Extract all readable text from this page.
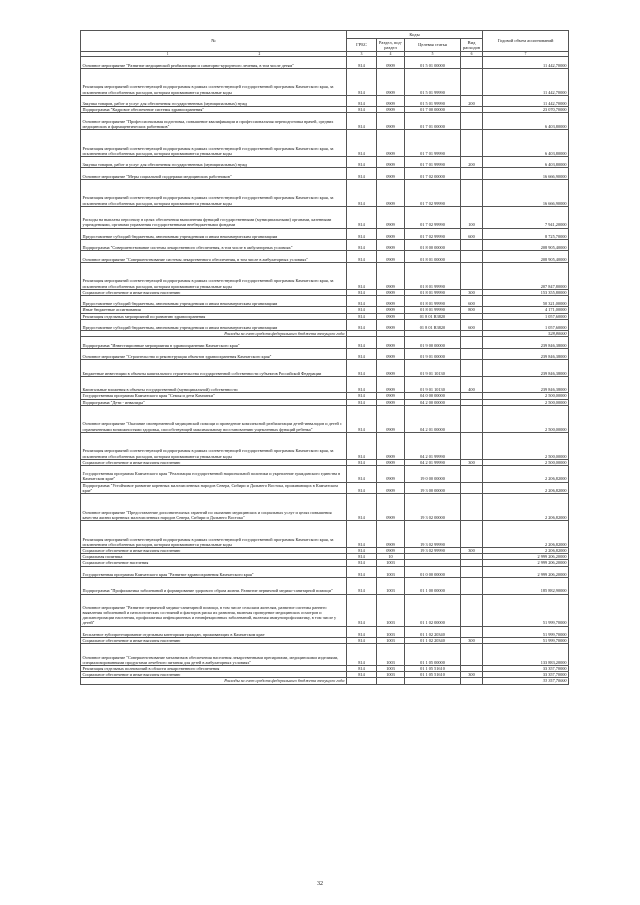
№	Коды				Годовой объем ассигнований
	ГРБС	Раздел, под-раздел	Целевая статья	Вид расходов	
1 2	3	4	5	6	7
Основное мероприятие "Развитие медицинской реабилитации и санаторно-курортного лечения, в том числе детям"	814	0909	01 5 01 00000		11 442,70000
Реализация мероприятий соответствующей подпрограммы в рамках соответствующей государственной программы Камчатского края, за исключением обособленных расходов, которым присваиваются уникальные коды	814	0909	01 5 01 99990		11 442,70000
Закупка товаров, работ и услуг для обеспечения государственных (муниципальных) нужд	814	0909	01 5 01 99990	200	11 442,70000
Подпрограмма "Кадровое обеспечение системы здравоохранения"	814	0909	01 7 00 00000		23 070,70000
Основное мероприятие "Профессиональная подготовка, повышение квалификации и профессиональная переподготовка врачей, средних медицинских и фармацевтических работников"	814	0909	01 7 01 00000		6 403,80000
Реализация мероприятий соответствующей подпрограммы в рамках соответствующей государственной программы Камчатского края, за исключением обособленных расходов, которым присваиваются уникальные коды	814	0909	01 7 01 99990		6 403,80000
Закупка товаров, работ и услуг для обеспечения государственных (муниципальных) нужд	814	0909	01 7 01 99990	200	6 403,80000
Основное мероприятие "Меры социальной поддержки медицинских работников"	814	0909	01 7 02 00000		16 666,90000
Реализация мероприятий соответствующей подпрограммы в рамках соответствующей государственной программы Камчатского края, за исключением обособленных расходов, которым присваиваются уникальные коды	814	0909	01 7 02 99990		16 666,90000
Расходы на выплаты персоналу в целях обеспечения выполнения функций государственными (муниципальными) органами, казенными учреждениями, органами управления государственными внебюджетными фондами	814	0909	01 7 02 99990	100	7 941,20000
Предоставление субсидий бюджетным, автономным учреждениям и иным некоммерческим организациям	814	0909	01 7 02 99990	600	8 725,70000
Подпрограмма "Совершенствование системы лекарственного обеспечения, в том числе в амбулаторных условиях"	814	0909	01 8 00 00000		208 905,40000
Основное мероприятие "Совершенствование системы лекарственного обеспечения, в том числе в амбулаторных условиях"	814	0909	01 8 01 00000		208 905,40000
Реализация мероприятий соответствующей подпрограммы в рамках соответствующей государственной программы Камчатского края, за исключением обособленных расходов, которым присваиваются уникальные коды	814	0909	01 8 01 99990		207 847,80000
Социальное обеспечение и иные выплаты населению	814	0909	01 8 01 99990	300	153 355,80000
Предоставление субсидий бюджетным, автономным учреждениям и иным некоммерческим организациям	814	0909	01 8 01 99990	600	50 321,00000
Иные бюджетные ассигнования	814	0909	01 8 01 99990	800	4 171,00000
Реализация отдельных мероприятий по развитию здравоохранения	814	0909	01 8 01 R3820		1 057,60000
Предоставление субсидий бюджетным, автономным учреждениям и иным некоммерческим организациям	814	0909	01 8 01 R3820	600	1 057,60000
Расходы за счет средств федерального бюджета текущего года					528,80000
Подпрограмма "Инвестиционные мероприятия в здравоохранении Камчатского края"	814	0909	01 9 00 00000		239 846,38000
Основное мероприятие "Строительство и реконструкция объектов здравоохранения Камчатского края"	814	0909	01 9 01 00000		239 846,38000
Бюджетные инвестиции в объекты капитального строительства государственной собственности субъектов Российской Федерации	814	0909	01 9 01 10130		239 846,38000
Капитальные вложения в объекты государственной (муниципальной) собственности	814	0909	01 9 01 10130	400	239 846,38000
Государственная программа Камчатского края "Семья и дети Камчатки"	814	0909	04 0 00 00000		2 500,00000
Подпрограмма "Дети - инвалиды"	814	0909	04 2 00 00000		2 500,00000
Основное мероприятие "Оказание своевременной медицинской помощи и проведение комплексной реабилитации детей-инвалидов и детей с ограниченными возможностями здоровья, способствующей максимальному восстановлению ущемленных функций ребенка"	814	0909	04 2 01 00000		2 500,00000
Реализация мероприятий соответствующей подпрограммы в рамках соответствующей государственной программы Камчатского края, за исключением обособленных расходов, которым присваиваются уникальные коды	814	0909	04 2 01 99990		2 500,00000
Социальное обеспечение и иные выплаты населению	814	0909	04 2 01 99990	300	2 500,00000
Государственная программа Камчатского края "Реализация государственной национальной политики и укрепление гражданского единства в Камчатском крае"	814	0909	19 0 00 00000		2 206,82000
Подпрограмма "Устойчивое развитие коренных малочисленных народов Севера, Сибири и Дальнего Востока, проживающих в Камчатском крае"	814	0909	19 3 00 00000		2 206,82000
Основное мероприятие "Предоставление дополнительных гарантий по оказанию медицинских и социальных услуг и целях повышения качества жизни коренных малочисленных народов Севера, Сибири и Дальнего Востока"	814	0909	19 3 02 00000		2 206,82000
Реализация мероприятий соответствующей подпрограммы в рамках соответствующей государственной программы Камчатского края, за исключением обособленных расходов, которым присваиваются уникальные коды	814	0909	19 3 02 99990		2 206,82000
Социальное обеспечение и иные выплаты населению	814	0909	19 3 02 99990	300	2 206,82000
Социальная политика	814	10			2 999 206,20000
Социальное обеспечение населения	814	1003			2 999 206,20000
Государственная программа Камчатского края "Развитие здравоохранения Камчатского края"	814	1003	01 0 00 00000		2 999 206,20000
Подпрограмма "Профилактика заболеваний и формирование здорового образа жизни. Развитие первичной медико-санитарной помощи"	814	1003	01 1 00 00000		185 882,90000
Основное мероприятие "Развитие первичной медико-санитарной помощи, в том числе сельским жителям, развитие системы раннего выявления заболеваний и патологических состояний и факторов риска их развития, включая проведение медицинских осмотров и диспансеризации населения, профилактика инфекционных и неинфекционных заболеваний, включая иммунопрофилактику, в том числе у детей"	814	1003	01 1 02 00000		51 999,70000
Бесплатное зубопротезирование отдельным категориям граждан, проживающих в Камчатском крае	814	1003	01 1 02 20340		51 999,70000
Социальное обеспечение и иные выплаты населению	814	1003	01 1 02 20340	300	51 999,70000
Основное мероприятие "Совершенствование механизмов обеспечения населения лекарственными препаратами, медицинскими изделиями, специализированными продуктами лечебного питания для детей в амбулаторных условиях"	814	1003	01 1 05 00000		133 883,20000
Реализация отдельных полномочий в области лекарственного обеспечения	814	1003	01 1 05 51610		33 357,70000
Социальное обеспечение и иные выплаты населению	814	1003	01 1 05 51610	300	33 357,70000
Расходы за счет средств федерального бюджета текущего года					33 357,70000
32
